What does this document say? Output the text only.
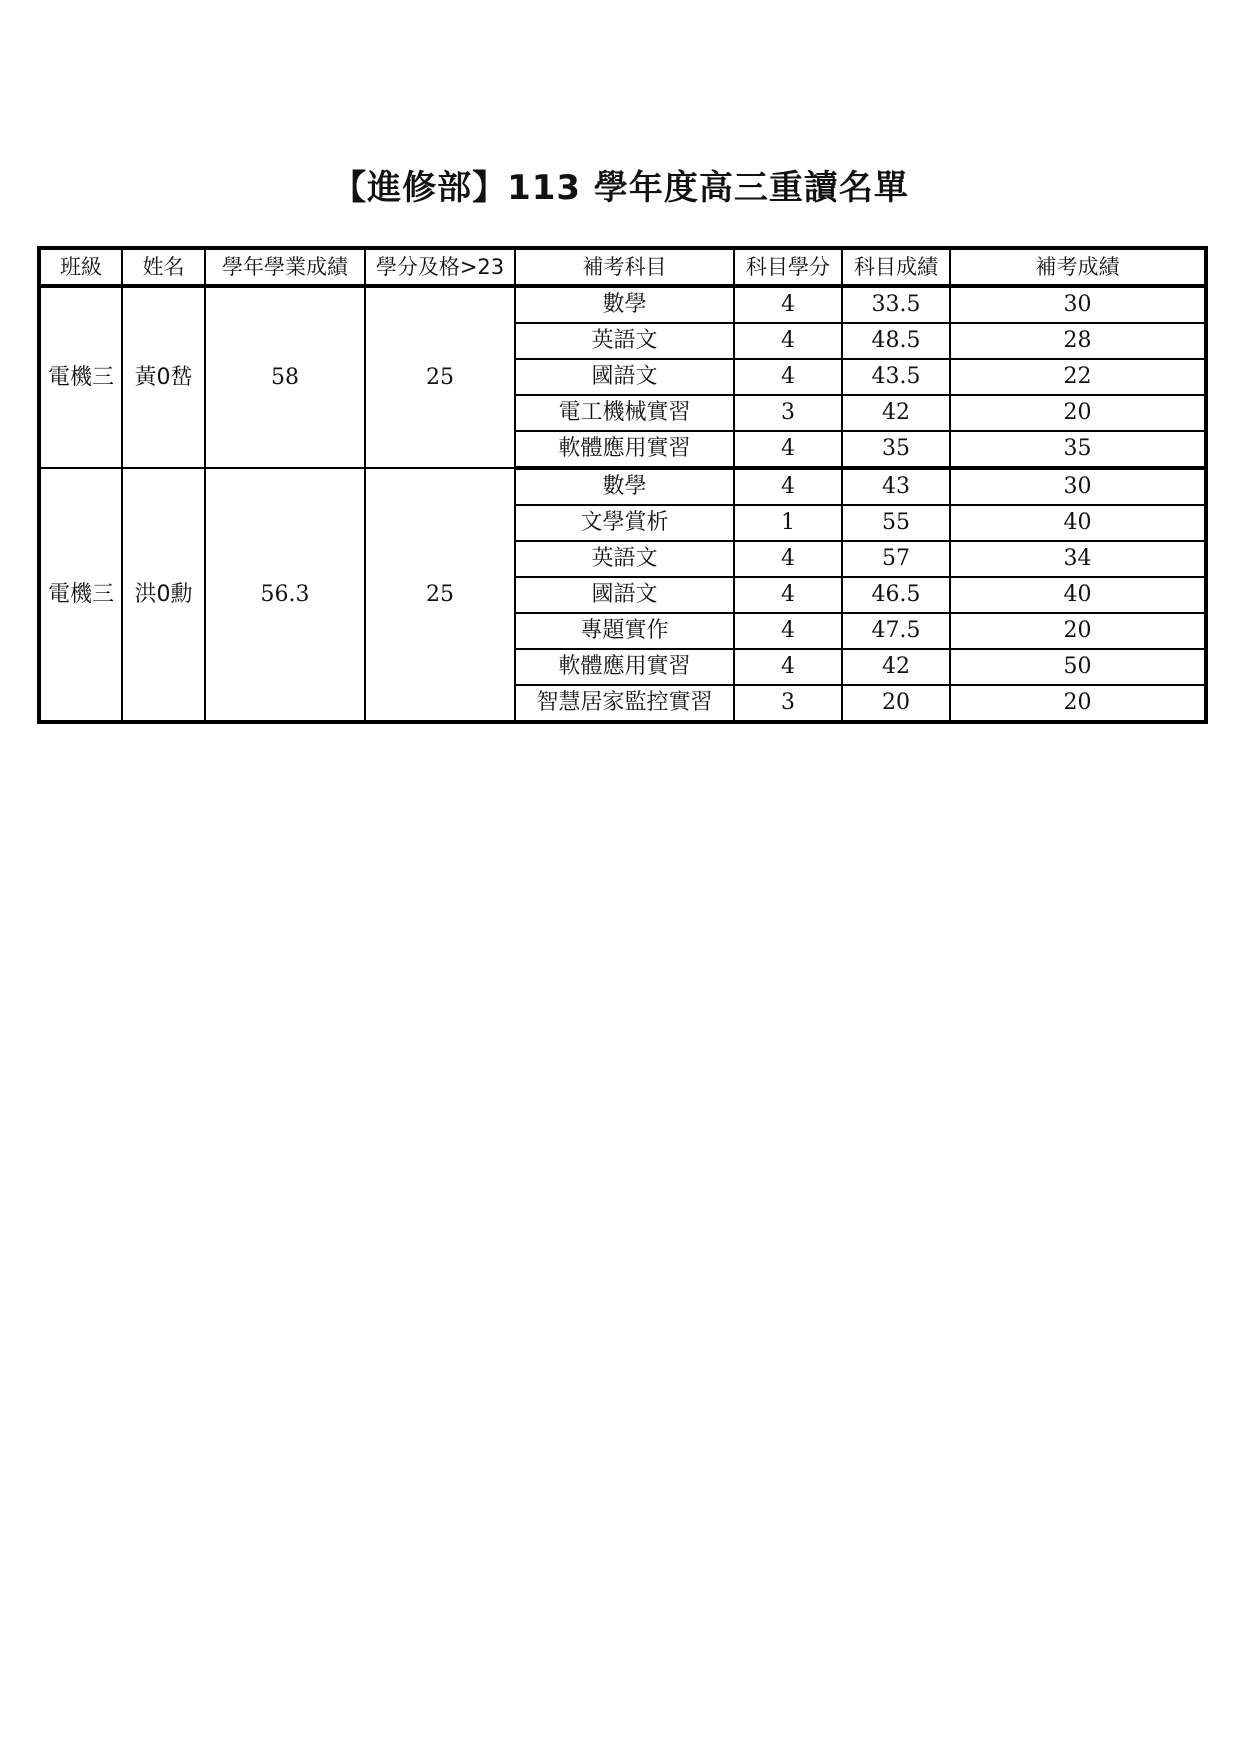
【進修部】113 學年度高三重讀名單
班級	姓名	學年學業成績	學分及格>23	補考科目	科目學分	科目成績	補考成績
電機三	黃0嵆	58	25	數學	4	33.5	30
				英語文	4	48.5	28
				國語文	4	43.5	22
				電工機械實習	3	42	20
				軟體應用實習	4	35	35
電機三	洪0勳	56.3	25	數學	4	43	30
				文學賞析	1	55	40
				英語文	4	57	34
				國語文	4	46.5	40
				專題實作	4	47.5	20
				軟體應用實習	4	42	50
				智慧居家監控實習	3	20	20
